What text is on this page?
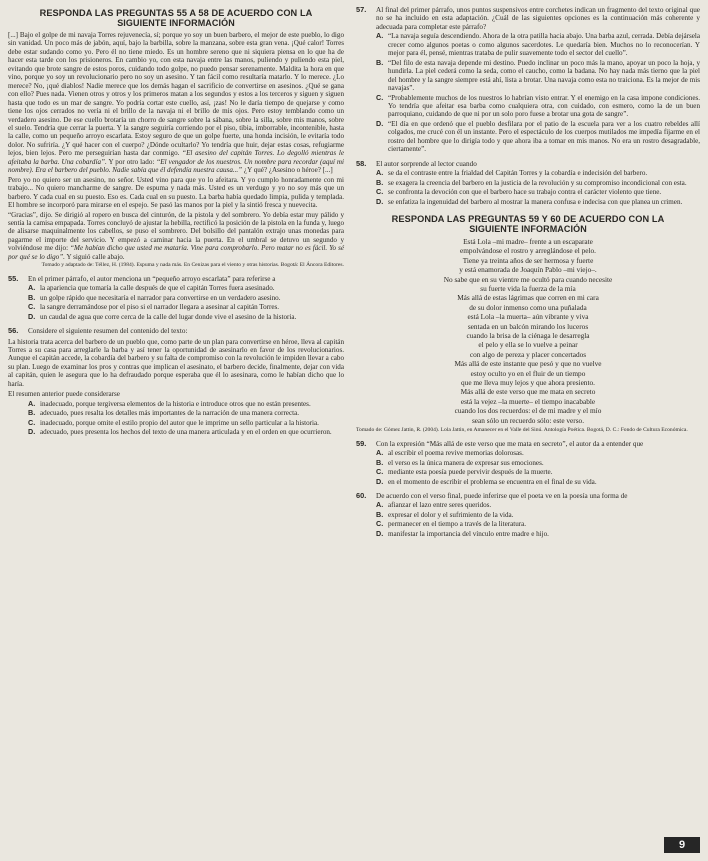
RESPONDA LAS PREGUNTAS 55 A 58 DE ACUERDO CON LA
SIGUIENTE INFORMACIÓN

[...] Bajo el golpe de mi navaja Torres rejuvenecía, sí; porque yo soy un buen barbero, el mejor de este pueblo, lo digo sin vanidad. Un poco más de jabón, aquí, bajo la barbilla, sobre la manzana, sobre esta gran vena. ¡Qué calor! Torres debe estar sudando como yo. Pero él no tiene miedo. Es un hombre sereno que ni siquiera piensa en lo que ha de hacer esta tarde con los prisioneros. En cambio yo, con esta navaja entre las manos, puliendo y puliendo esta piel, evitando que brote sangre de estos poros, cuidando todo golpe, no puedo pensar serenamente. Maldita la hora en que vino, porque yo soy un revolucionario pero no soy un asesino. Y tan fácil como resultaría matarlo. Y lo merece. ¿Lo merece? No, ¡qué diablos! Nadie merece que los demás hagan el sacrificio de convertirse en asesinos. ¿Qué se gana con ello? Pues nada. Vienen otros y otros y los primeros matan a los segundos y estos a los terceros y siguen y siguen hasta que todo es un mar de sangre. Yo podría cortar este cuello, así, ¡zas! No le daría tiempo de quejarse y como tiene los ojos cerrados no vería ni el brillo de la navaja ni el brillo de mis ojos. Pero estoy temblando como un verdadero asesino. De ese cuello brotaría un chorro de sangre sobre la sábana, sobre la silla, sobre mis manos, sobre el suelo. Tendría que cerrar la puerta. Y la sangre seguiría corriendo por el piso, tibia, imborrable, incontenible, hasta la calle, como un pequeño arroyo escarlata. Estoy seguro de que un golpe fuerte, una honda incisión, le evitaría todo dolor. No sufriría. ¿Y qué hacer con el cuerpo? ¿Dónde ocultarlo? Yo tendría que huir, dejar estas cosas, refugiarme lejos, bien lejos. Pero me perseguirían hasta dar conmigo. “El asesino del capitán Torres. Lo degolló mientras le afeitaba la barba. Una cobardía”. Y por otro lado: “El vengador de los nuestros. Un nombre para recordar (aquí mi nombre). Era el barbero del pueblo. Nadie sabía que él defendía nuestra causa...” ¿Y qué? ¿Asesino o héroe? [...]

Pero yo no quiero ser un asesino, no señor. Usted vino para que yo lo afeitara. Y yo cumplo honradamente con mi trabajo... No quiero mancharme de sangre. De espuma y nada más. Usted es un verdugo y yo no soy más que un barbero. Y cada cual en su puesto. Eso es. Cada cual en su puesto. La barba había quedado limpia, pulida y templada. El hombre se incorporó para mirarse en el espejo. Se pasó las manos por la piel y la sintió fresca y nuevecita.

“Gracias”, dijo. Se dirigió al ropero en busca del cinturón, de la pistola y del sombrero. Yo debía estar muy pálido y sentía la camisa empapada. Torres concluyó de ajustar la hebilla, rectificó la posición de la pistola en la funda y, luego de alisarse maquinalmente los cabellos, se puso el sombrero. Del bolsillo del pantalón extrajo unas monedas para pagarme el importe del servicio. Y empezó a caminar hacia la puerta. En el umbral se detuvo un segundo y volviéndose me dijo: “Me habían dicho que usted me mataría. Vine para comprobarlo. Pero matar no es fácil. Yo sé por qué se lo digo”. Y siguió calle abajo.

Tomado y adaptado de: Téllez, H. (1984). Espuma y nada más. En Cenizas para el viento y otras historias. Bogotá: El Áncora Editores.
55.	En el primer párrafo, el autor menciona un “pequeño arroyo escarlata” para referirse a
A. la apariencia que tomaría la calle después de que el capitán Torres fuera asesinado.
B. un golpe rápido que necesitaría el narrador para convertirse en un verdadero asesino.
C. la sangre derramándose por el piso si el narrador llegara a asesinar al capitán Torres.
D. un caudal de agua que corre cerca de la calle del lugar donde vive el asesino de la historia.
56.	Considere el siguiente resumen del contenido del texto:

La historia trata acerca del barbero de un pueblo que, como parte de un plan para convertirse en héroe, lleva al capitán Torres a su casa para arreglarle la barba y así tener la oportunidad de asesinarlo en favor de los revolucionarios. Aunque el capitán accede, la cobardía del barbero y su falta de compromiso con la revolución le impiden llevar a cabo su plan. Luego de examinar los pros y contras que implican el asesinato, el barbero decide, finalmente, dejar con vida al capitán, quien le asegura que lo ha defraudado porque esperaba que él lo asesinara, como le habían dicho que lo haría.

El resumen anterior puede considerarse

A. inadecuado, porque tergiversa elementos de la historia e introduce otros que no están presentes.
B. adecuado, pues resalta los detalles más importantes de la narración de una manera correcta.
C. inadecuado, porque omite el estilo propio del autor que le imprime un sello particular a la historia.
D. adecuado, pues presenta los hechos del texto de una manera articulada y en el orden en que ocurrieron.
57.	Al final del primer párrafo, unos puntos suspensivos entre corchetes indican un fragmento del texto original que no se ha incluido en esta adaptación. ¿Cuál de las siguientes opciones es la continuación más coherente y adecuada para completar este párrafo?
A. “La navaja seguía descendiendo. Ahora de la otra patilla hacia abajo. Una barba azul, cerrada. Debía dejársela crecer como algunos poetas o como algunos sacerdotes. Le quedaría bien. Muchos no lo reconocerían. Y mejor para él, pensé, mientras trataba de pulir suavemente todo el sector del cuello”.
B. “Del filo de esta navaja depende mi destino. Puedo inclinar un poco más la mano, apoyar un poco la hoja, y hundirla. La piel cederá como la seda, como el caucho, como la badana. No hay nada más tierno que la piel del hombre y la sangre siempre está ahí, lista a brotar. Una navaja como esta no traiciona. Es la mejor de mis navajas”.
C. “Probablemente muchos de los nuestros lo habrían visto entrar. Y el enemigo en la casa impone condiciones. Yo tendría que afeitar esa barba como cualquiera otra, con cuidado, con esmero, como la de un buen parroquiano, cuidando de que ni por un solo poro fuese a brotar una gota de sangre”.
D. “El día en que ordenó que el pueblo desfilara por el patio de la escuela para ver a los cuatro rebeldes allí colgados, me crucé con él un instante. Pero el espectáculo de los cuerpos mutilados me impedía fijarme en el rostro del hombre que lo dirigía todo y que ahora iba a tomar en mis manos. No era un rostro desagradable, ciertamente”.
58.	El autor sorprende al lector cuando
A. se da el contraste entre la frialdad del Capitán Torres y la cobardía e indecisión del barbero.
B. se exagera la creencia del barbero en la justicia de la revolución y su compromiso incondicional con esta.
C. se confronta la devoción con que el barbero hace su trabajo contra el carácter violento que tiene.
D. se enfatiza la ingenuidad del barbero al mostrar la manera confusa e indecisa con que planea un crimen.
RESPONDA LAS PREGUNTAS 59 Y 60 DE ACUERDO CON LA
SIGUIENTE INFORMACIÓN
Está Lola –mi madre– frente a un escaparate
empolvándose el rostro y arreglándose el pelo.
Tiene ya treinta años de ser hermosa y fuerte
y está enamorada de Joaquín Pablo –mi viejo–.
No sabe que en su vientre me ocultó para cuando necesite
su fuerte vida la fuerza de la mía
Más allá de estas lágrimas que corren en mi cara
de su dolor inmenso como una puñalada
está Lola –la muerta– aún vibrante y viva
sentada en un balcón mirando los luceros
cuando la brisa de la ciénaga le desarregla
el pelo y ella se lo vuelve a peinar
con algo de pereza y placer concertados
Más allá de este instante que pesó y que no vuelve
estoy oculto yo en el fluir de un tiempo
que me lleva muy lejos y que ahora presiento.
Más allá de este verso que me mata en secreto
está la vejez –la muerte– el tiempo inacabable
cuando los dos recuerdos: el de mi madre y el mío
sean sólo un recuerdo sólo: este verso.
Tomado de: Gómez Jattin, R. (2004). Lola Jattin, en Amanecer en el Valle del Sinú. Antología Poética. Bogotá, D. C.: Fondo de Cultura Económica.
59.	Con la expresión “Más allá de este verso que me mata en secreto”, el autor da a entender que
A. al escribir el poema revive memorias dolorosas.
B. el verso es la única manera de expresar sus emociones.
C. mediante esta poesía puede pervivir después de la muerte.
D. en el momento de escribir el problema se encuentra en el final de su vida.
60.	De acuerdo con el verso final, puede inferirse que el poeta ve en la poesía una forma de
A. afianzar el lazo entre seres queridos.
B. expresar el dolor y el sufrimiento de la vida.
C. permanecer en el tiempo a través de la literatura.
D. manifestar la importancia del vínculo entre madre e hijo.
9
